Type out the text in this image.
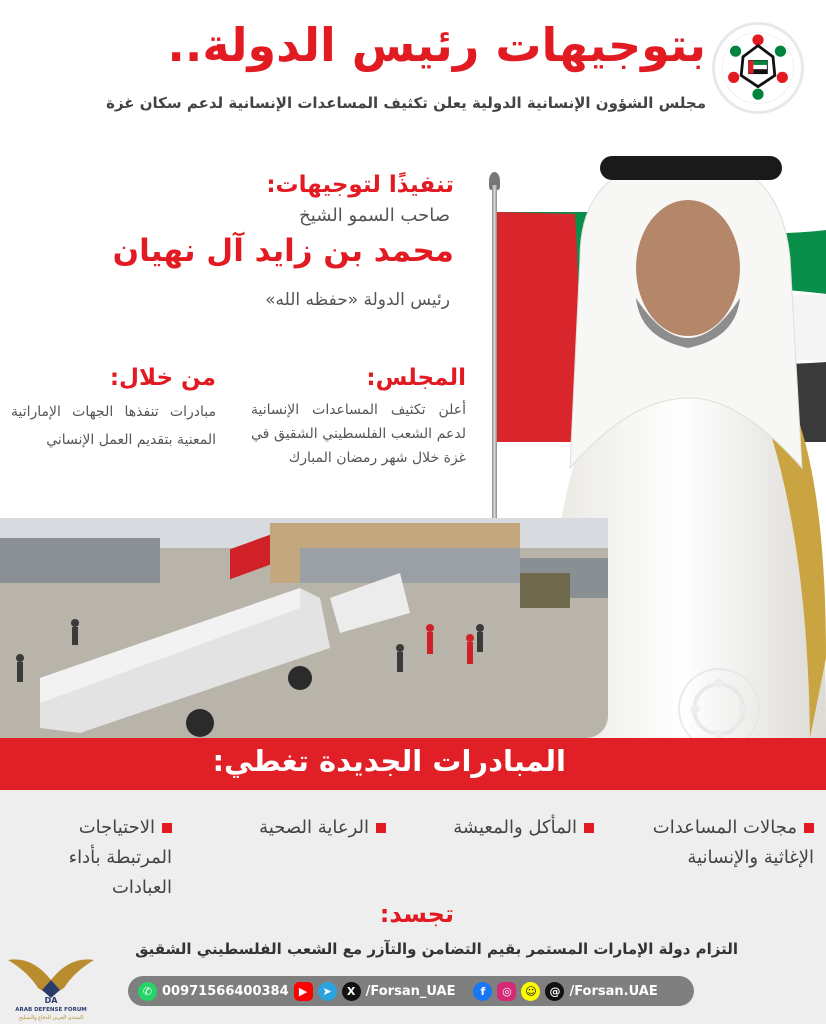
بتوجيهات رئيس الدولة..
مجلس الشؤون الإنسانية الدولية يعلن تكثيف المساعدات الإنسانية لدعم سكان غزة
تنفيذًا لتوجيهات:
صاحب السمو الشيخ
محمد بن زايد آل نهيان
رئيس الدولة «حفظه الله»
المجلس:
أعلن تكثيف المساعدات الإنسانية لدعم الشعب الفلسطيني الشقيق في غزة خلال شهر رمضان المبارك
من خلال:
مبادرات تنفذها الجهات الإماراتية المعنية بتقديم العمل الإنساني
المبادرات الجديدة تغطي:
مجالات المساعدات
الإغاثية والإنسانية
المأكل والمعيشة
الرعاية الصحية
الاحتياجات
المرتبطة بأداء
العبادات
تجسد:
التزام دولة الإمارات المستمر بقيم التضامن والتآزر مع الشعب الفلسطيني الشقيق
✆ 00971566400384 ▶	➤	X /Forsan_UAE	f	◎	☺	@ /Forsan.UAE
DA
ARAB DEFENSE FORUM
المنتدى العربي للدفاع والتسليح
